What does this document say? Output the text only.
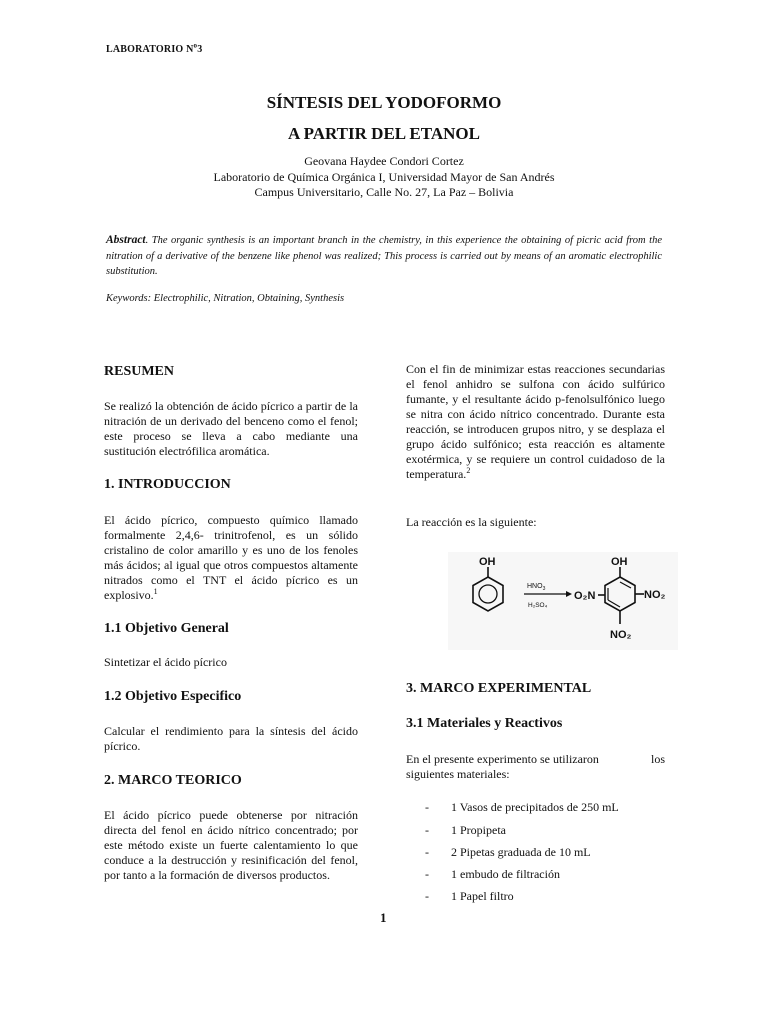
LABORATORIO $N^o3$
SÍNTESIS DEL YODOFORMO
A PARTIR DEL ETANOL
Geovana Haydee Condori Cortez
Laboratorio de Química Orgánica I, Universidad Mayor de San Andrés
Campus Universitario, Calle No. 27, La Paz – Bolivia
Abstract. The organic synthesis is an important branch in the chemistry, in this experience the obtaining of picric acid from the nitration of a derivative of the benzene like phenol was realized; This process is carried out by means of an aromatic electrophilic substitution.
Keywords: Electrophilic, Nitration, Obtaining, Synthesis
RESUMEN
Se realizó la obtención de ácido pícrico a partir de la nitración de un derivado del benceno como el fenol; este proceso se lleva a cabo mediante una sustitución electrófilica aromática.
1. INTRODUCCION
El ácido pícrico, compuesto químico llamado formalmente 2,4,6- trinitrofenol, es un sólido cristalino de color amarillo y es uno de los fenoles más ácidos; al igual que otros compuestos altamente nitrados como el TNT el ácido pícrico es un explosivo.$^1$
1.1 Objetivo General
Sintetizar el ácido pícrico
1.2 Objetivo Especifico
Calcular el rendimiento para la síntesis del ácido pícrico.
2. MARCO TEORICO
El ácido pícrico puede obtenerse por nitración directa del fenol en ácido nítrico concentrado; por este método existe un fuerte calentamiento lo que conduce a la destrucción y resinificación del fenol, por tanto a la formación de diversos productos.
Con el fin de minimizar estas reacciones secundarias el fenol anhidro se sulfona con ácido sulfúrico fumante, y el resultante ácido p-fenolsulfónico luego se nitra con ácido nítrico concentrado. Durante esta reacción, se introducen grupos nitro, y se desplaza el grupo ácido sulfónico; esta reacción es altamente exotérmica, y se requiere un control cuidadoso de la temperatura.$^2$
La reacción es la siguiente:
OH
$HNO_3$
H₂SO₄
O₂N
OH
NO₂
NO₂
3. MARCO EXPERIMENTAL
3.1 Materiales y Reactivos
En el presente experimento se utilizaron	los
siguientes materiales:
- 1 Vasos de precipitados de 250 mL
- 1 Propipeta
- 2 Pipetas graduada de 10 mL
- 1 embudo de filtración
- 1 Papel filtro
1
